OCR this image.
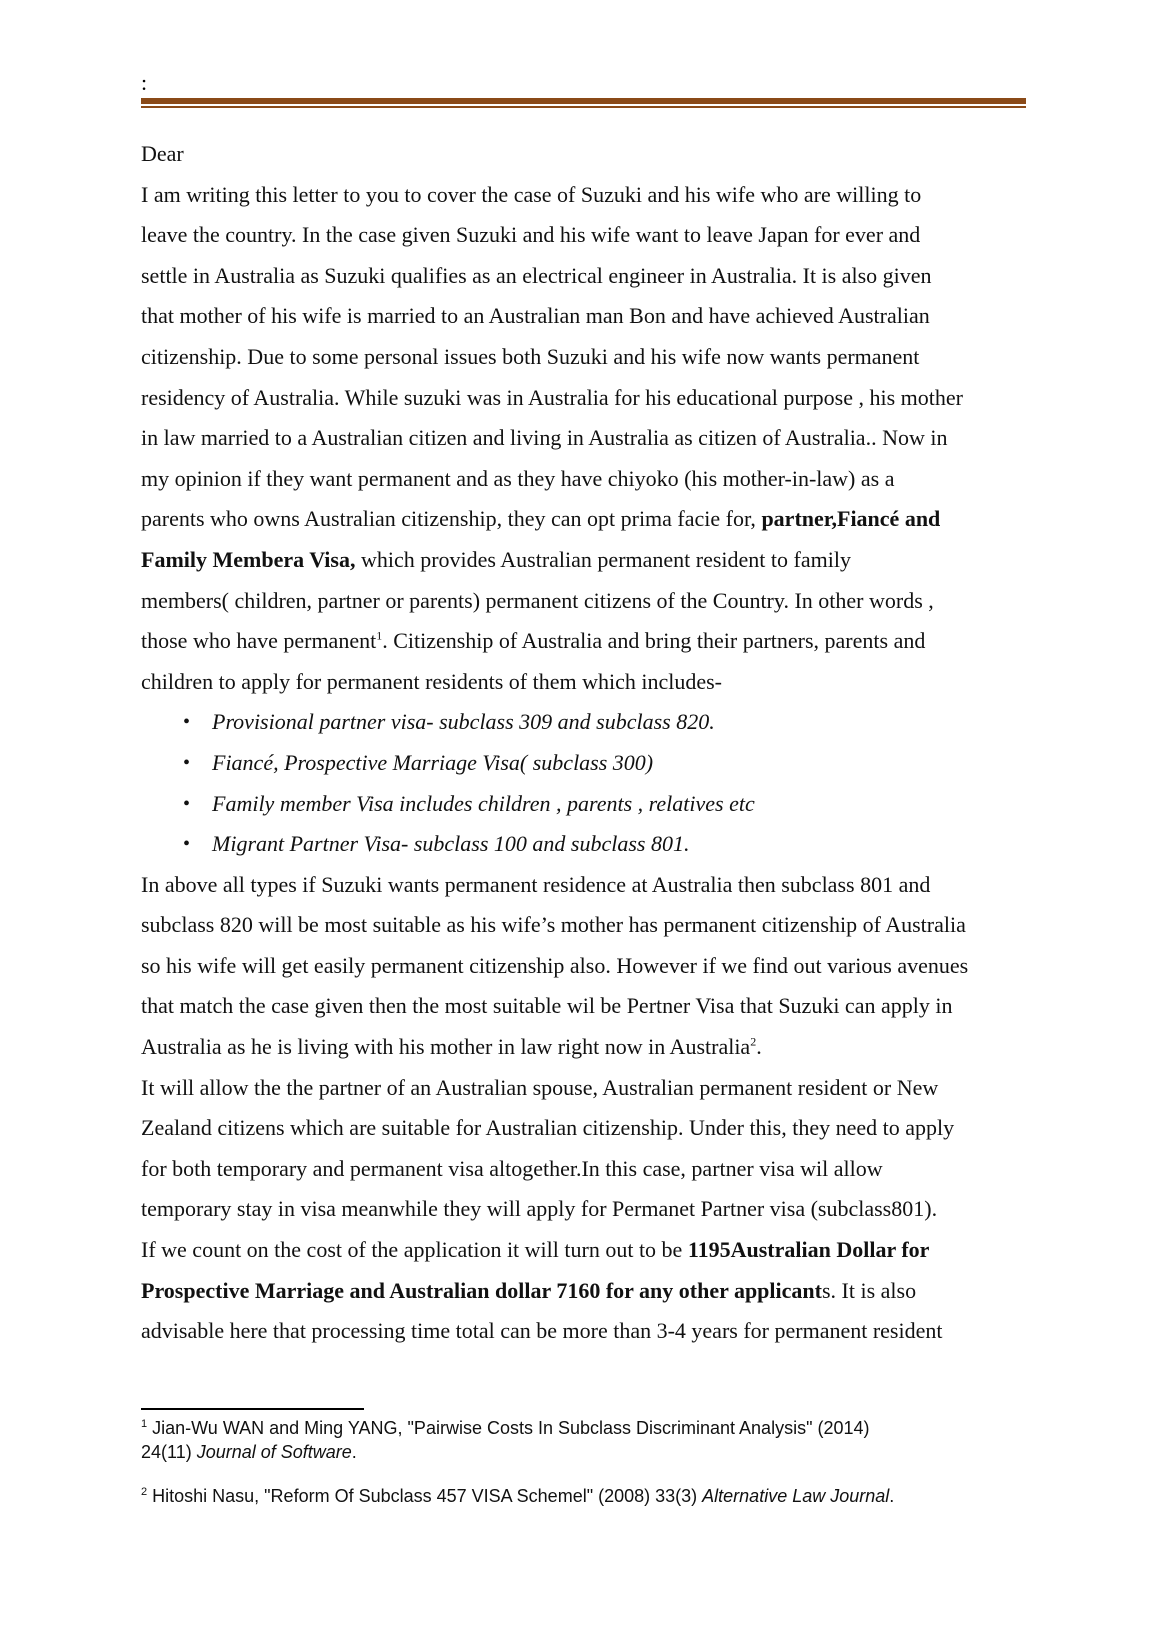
:
Dear
I am writing this letter to you to cover the case of Suzuki and his wife who are willing to
leave the country. In the case given Suzuki and his wife want to leave Japan for ever and
settle in Australia as Suzuki qualifies as an electrical engineer in Australia. It is also given
that mother of his wife is married to an Australian man Bon and have achieved Australian
citizenship. Due to some personal issues both Suzuki and his wife now wants permanent
residency of Australia. While suzuki was in Australia for his educational purpose , his mother
in law married to a Australian citizen and living in Australia as citizen of Australia.. Now in
my opinion if they want permanent and as they have chiyoko (his mother-in-law) as a
parents who owns Australian citizenship, they can opt prima facie for, partner,Fiancé and
Family Membera Visa, which provides Australian permanent resident to family
members( children, partner or parents) permanent citizens of the Country. In other words ,
those who have permanent$^1$. Citizenship of Australia and bring their partners, parents and
children to apply for permanent residents of them which includes-
• Provisional partner visa- subclass 309 and subclass 820.
• Fiancé, Prospective Marriage Visa( subclass 300)
• Family member Visa includes children , parents , relatives etc
• Migrant Partner Visa- subclass 100 and subclass 801.
In above all types if Suzuki wants permanent residence at Australia then subclass 801 and
subclass 820 will be most suitable as his wife’s mother has permanent citizenship of Australia
so his wife will get easily permanent citizenship also. However if we find out various avenues
that match the case given then the most suitable wil be Pertner Visa that Suzuki can apply in
Australia as he is living with his mother in law right now in Australia$^2$.
It will allow the the partner of an Australian spouse, Australian permanent resident or New
Zealand citizens which are suitable for Australian citizenship. Under this, they need to apply
for both temporary and permanent visa altogether.In this case, partner visa wil allow
temporary stay in visa meanwhile they will apply for Permanet Partner visa (subclass801).
If we count on the cost of the application it will turn out to be 1195Australian Dollar for
Prospective Marriage and Australian dollar 7160 for any other applicants. It is also
advisable here that processing time total can be more than 3-4 years for permanent resident

$^1$ Jian-Wu WAN and Ming YANG, "Pairwise Costs In Subclass Discriminant Analysis" (2014)
24(11) Journal of Software.

$^2$ Hitoshi Nasu, "Reform Of Subclass 457 VISA Schemel" (2008) 33(3) Alternative Law Journal.
